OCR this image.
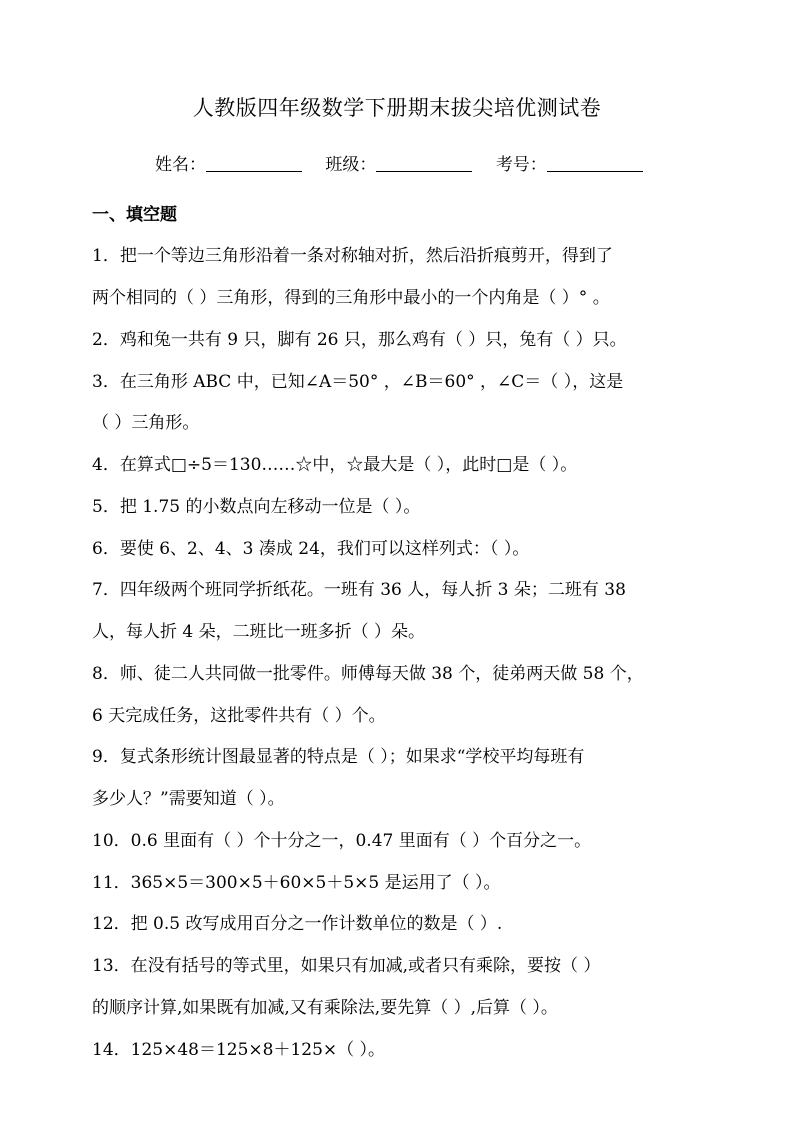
人教版四年级数学下册期末拔尖培优测试卷
姓名：	班级：	考号：
一、填空题
1．把一个等边三角形沿着一条对称轴对折，然后沿折痕剪开，得到了
两个相同的（ ）三角形，得到的三角形中最小的一个内角是（ ）° 。
2．鸡和兔一共有 9 只，脚有 26 只，那么鸡有（ ）只，兔有（ ）只。
3．在三角形 ABC 中，已知∠A＝50° ，∠B＝60° ，∠C＝（ ），这是
（ ）三角形。
4．在算式□÷5＝130……☆中，☆最大是（ ），此时□是（ ）。
5．把 1.75 的小数点向左移动一位是（ ）。
6．要使 6、2、4、3 凑成 24，我们可以这样列式：（ ）。
7．四年级两个班同学折纸花。一班有 36 人，每人折 3 朵；二班有 38
人，每人折 4 朵，二班比一班多折（ ）朵。
8．师、徒二人共同做一批零件。师傅每天做 38 个，徒弟两天做 58 个，
6 天完成任务，这批零件共有（ ）个。
9．复式条形统计图最显著的特点是（ ）；如果求“学校平均每班有
多少人？”需要知道（ ）。
10．0.6 里面有（ ）个十分之一，0.47 里面有（ ）个百分之一。
11．365×5＝300×5＋60×5＋5×5 是运用了（ ）。
12．把 0.5 改写成用百分之一作计数单位的数是（ ）.
13．在没有括号的等式里，如果只有加减,或者只有乘除，要按（ ）
的顺序计算,如果既有加减,又有乘除法,要先算（ ）,后算（ ）。
14．125×48＝125×8＋125×（ ）。
